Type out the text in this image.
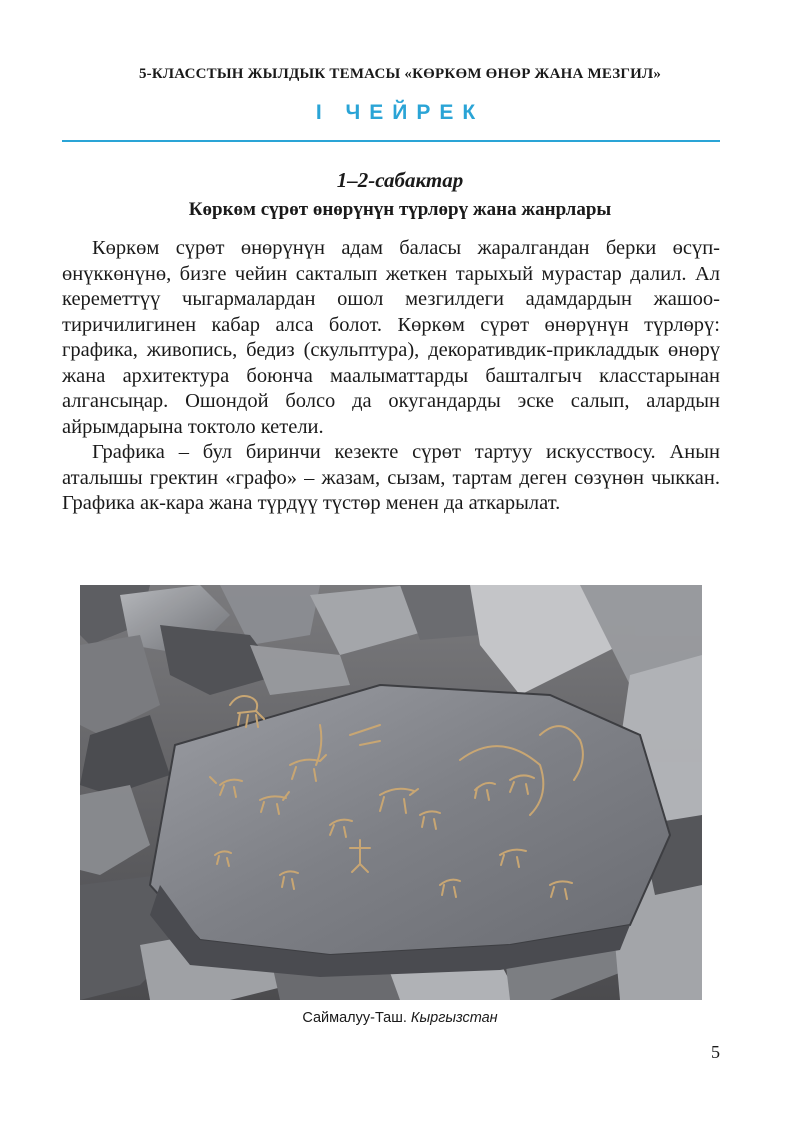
5-КЛАССТЫН ЖЫЛДЫК ТЕМАСЫ «КӨРКӨМ ӨНӨР ЖАНА МЕЗГИЛ»
І ЧЕЙРЕК
1–2-сабактар
Көркөм сүрөт өнөрүнүн түрлөрү жана жанрлары

Көркөм сүрөт өнөрүнүн адам баласы жаралгандан берки өсүп-өнүккөнүнө, бизге чейин сакталып жеткен тарыхый мурастар далил. Ал кереметтүү чыгармалардан ошол мезгилдеги адамдардын жашоо-тиричилигинен кабар алса болот. Көркөм сүрөт өнөрүнүн түрлөрү: графика, живопись, бедиз (скульптура), декоративдик-прикладдык өнөрү жана архитектура боюнча маалыматтарды башталгыч класстарынан алгансыңар. Ошондой болсо да окугандарды эске салып, алардын айрымдарына токтоло кетели.

Графика – бул биринчи кезекте сүрөт тартуу искусствосу. Анын аталышы гректин «графо» – жазам, сызам, тартам деген сөзүнөн чыккан. Графика ак-кара жана түрдүү түстөр менен да аткарылат.

Саймалуу-Таш. Кыргызстан
5
